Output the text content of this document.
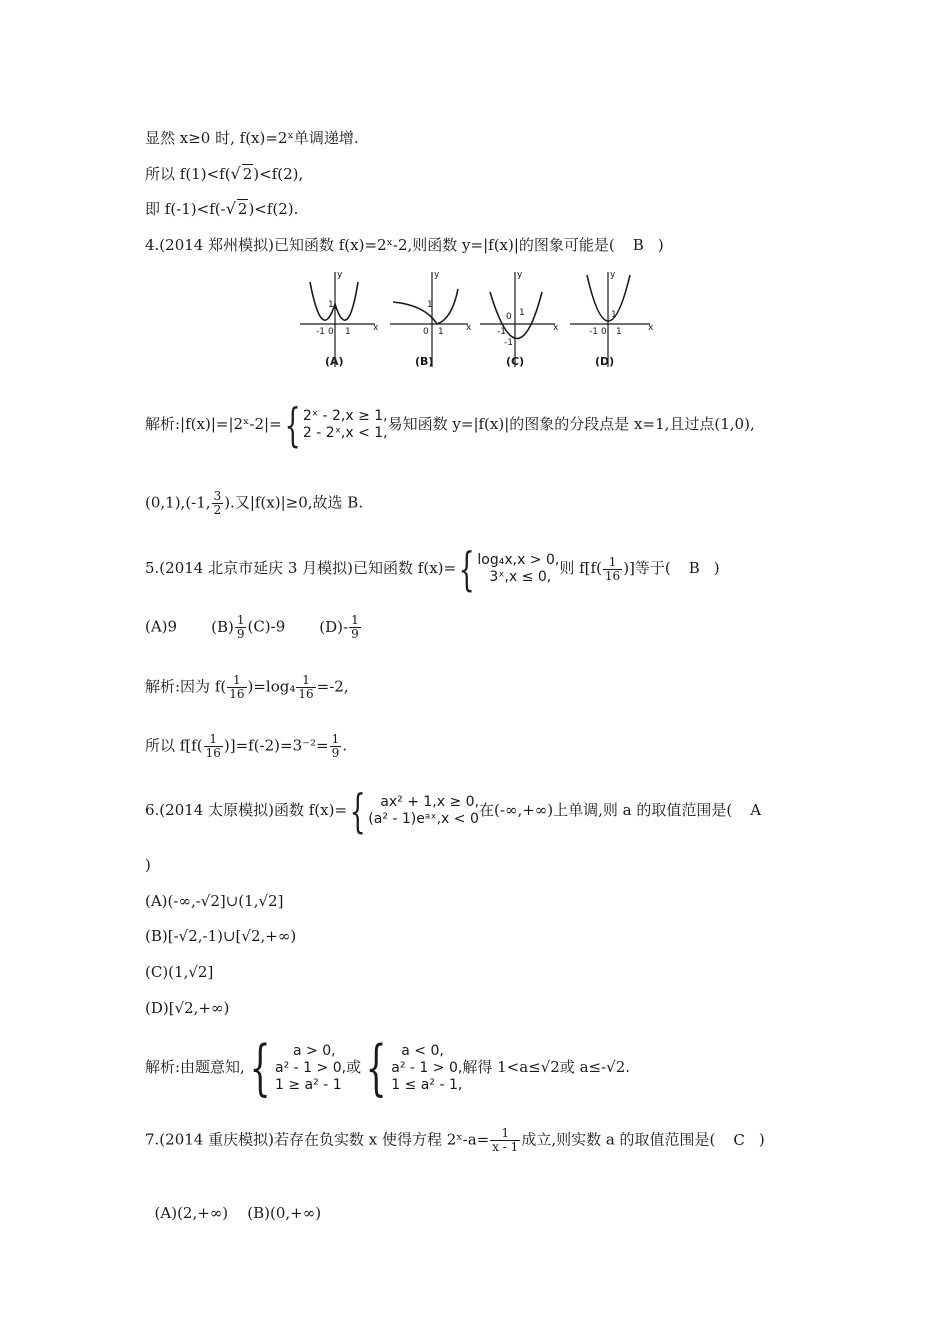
显然 x≥0 时, f(x)=2ˣ单调递增.
所以 f(1)<f(√ 2)<f(2),
即 f(-1)<f(-√ 2)<f(2).
4.(2014 郑州模拟)已知函数 f(x)=2ˣ-2,则函数 y=|f(x)|的图象可能是( B )
y
x
y
x
y
x
y
x
-1 0 1
1
0 1
1
-1
0 1
-1
-1 0 1
1
(A)	(B)	(C)	(D)
解析:|f(x)|=|2ˣ-2|={ 2ˣ - 2,x ≥ 1,
2 - 2ˣ,x < 1, 易知函数 y=|f(x)|的图象的分段点是 x=1,且过点(1,0),
(0,1),(-1, $\frac{3}{2}$ ).又|f(x)|≥0,故选 B.
5.(2014 北京市延庆 3 月模拟)已知函数 f(x)={ log₄x,x > 0,
3ˣ,x ≤ 0, 则 $f[f( \frac{1}{16}$ )]等于( B )
(A)9 $(B) \frac{1}{9} (C)-9$ $(D)- \frac{1}{9}$
解析:因为 $f( \frac{1}{16} )=\log_4 \frac{1}{16} =-2$,
所以 $f[f( \frac{1}{16} )]=f(-2)=3^{-2}= \frac{1}{9}$ .
6.(2014 太原模拟)函数 f(x)={	ax² + 1,x ≥ 0,
(a² - 1)eᵃˣ,x < 0 在(-∞,+∞)上单调,则 a 的取值范围是( A
)
(A)(-∞,-√2]∪(1,√2]
(B)[-√2,-1)∪[√2,+∞)
(C)(1,√2]
(D)[√2,+∞)
解析:由题意知,{	a > 0,
a² - 1 > 0,
1 ≥ a² - 1
或{	a < 0,
a² - 1 > 0,
1 ≤ a² - 1,
解得 1<a≤√2或 a≤-√2.
7.(2014 重庆模拟)若存在负实数 x 使得方程 2ˣ-a= $\frac{1}{x - 1}$ 成立,则实数 a 的取值范围是( C )

(A)(2,+∞)    (B)(0,+∞)
